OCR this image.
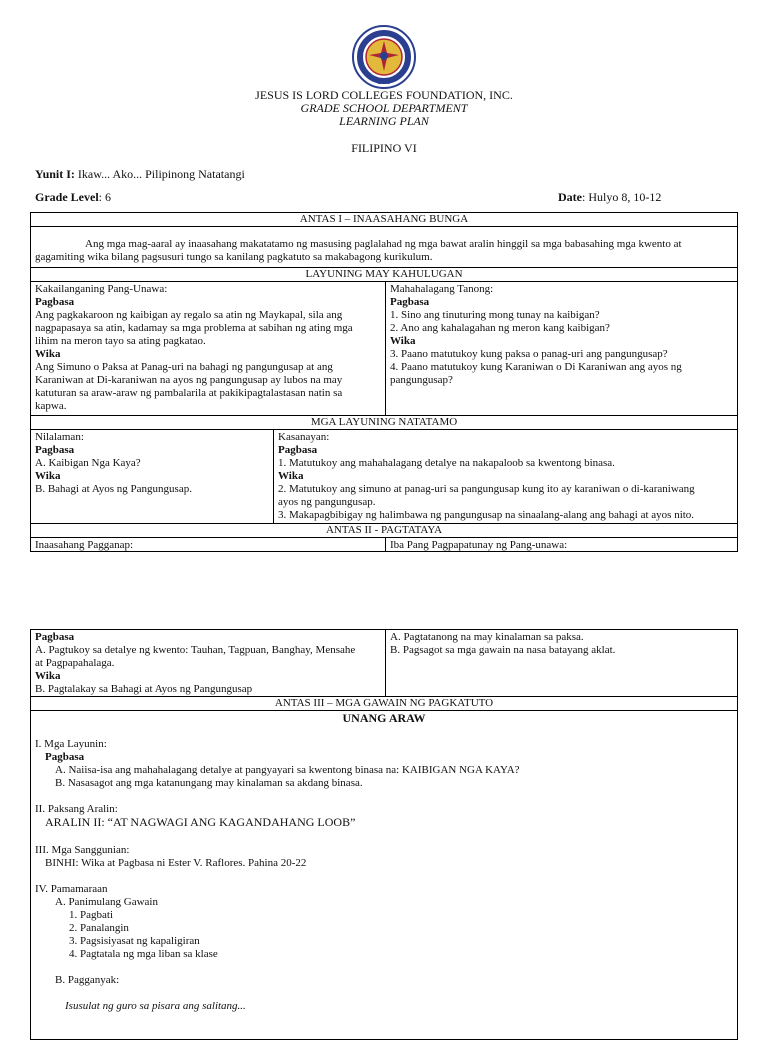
1983
JESUS IS LORD COLLEGES FOUNDATION, INC.
GRADE SCHOOL DEPARTMENT
LEARNING PLAN
FILIPINO VI
Yunit I: Ikaw... Ako... Pilipinong Natatangi
Grade Level: 6	Date: Hulyo 8, 10-12
ANTAS I – INAASAHANG BUNGA
Ang mga mag-aaral ay inaasahang makatatamo ng masusing paglalahad ng mga bawat aralin hinggil sa mga babasahing mga kwento at
gagamiting wika bilang pagsusuri tungo sa kanilang pagkatuto sa makabagong kurikulum.
LAYUNING MAY KAHULUGAN
Kakailanganing Pang-Unawa:
Pagbasa
Ang pagkakaroon ng kaibigan ay regalo sa atin ng Maykapal, sila ang
nagpapasaya sa atin, kadamay sa mga problema at sabihan ng ating mga
lihim na meron tayo sa ating pagkatao.
Wika
Ang Simuno o Paksa at Panag-uri na bahagi ng pangungusap at ang
Karaniwan at Di-karaniwan na ayos ng pangungusap ay lubos na may
katuturan sa araw-araw ng pambalarila at pakikipagtalastasan natin sa
kapwa.
Mahahalagang Tanong:
Pagbasa
1. Sino ang tinuturing mong tunay na kaibigan?
2. Ano ang kahalagahan ng meron kang kaibigan?
Wika
3. Paano matutukoy kung paksa o panag-uri ang pangungusap?
4. Paano matutukoy kung Karaniwan o Di Karaniwan ang ayos ng
pangungusap?
MGA LAYUNING NATATAMO
Nilalaman:
Pagbasa
A. Kaibigan Nga Kaya?
Wika
B. Bahagi at Ayos ng Pangungusap.
Kasanayan:
Pagbasa
1. Matutukoy ang mahahalagang detalye na nakapaloob sa kwentong binasa.
Wika
2. Matutukoy ang simuno at panag-uri sa pangungusap kung ito ay karaniwan o di-karaniwang
ayos ng pangungusap.
3. Makapagbibigay ng halimbawa ng pangungusap na sinaalang-alang ang bahagi at ayos nito.
ANTAS II - PAGTATAYA
Inaasahang Pagganap:	Iba Pang Pagpapatunay ng Pang-unawa:
Pagbasa
A. Pagtukoy sa detalye ng kwento: Tauhan, Tagpuan, Banghay, Mensahe
at Pagpapahalaga.
Wika
B. Pagtalakay sa Bahagi at Ayos ng Pangungusap
A. Pagtatanong na may kinalaman sa paksa.
B. Pagsagot sa mga gawain na nasa batayang aklat.
ANTAS III – MGA GAWAIN NG PAGKATUTO
UNANG ARAW
I. Mga Layunin:
Pagbasa
A. Naiisa-isa ang mahahalagang detalye at pangyayari sa kwentong binasa na: KAIBIGAN NGA KAYA?
B. Nasasagot ang mga katanungang may kinalaman sa akdang binasa.
II. Paksang Aralin:
ARALIN II: “AT NAGWAGI ANG KAGANDAHANG LOOB”
III. Mga Sanggunian:
BINHI: Wika at Pagbasa ni Ester V. Raflores. Pahina 20-22
IV. Pamamaraan
A. Panimulang Gawain
1. Pagbati
2. Panalangin
3. Pagsisiyasat ng kapaligiran
4. Pagtatala ng mga liban sa klase
B. Pagganyak:
Isusulat ng guro sa pisara ang salitang...
